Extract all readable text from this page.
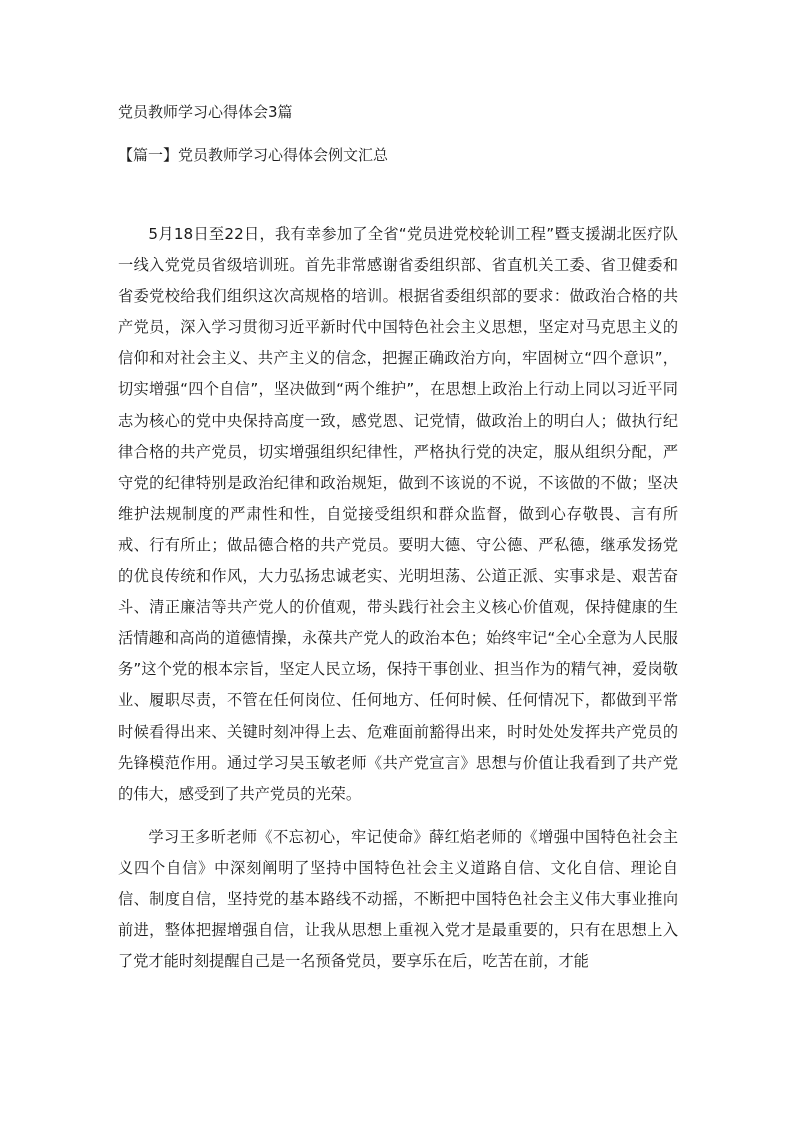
党员教师学习心得体会3篇
【篇一】党员教师学习心得体会例文汇总

5月18日至22日，我有幸参加了全省“党员进党校轮训工程”暨支援湖北医疗队一线入党党员省级培训班。首先非常感谢省委组织部、省直机关工委、省卫健委和省委党校给我们组织这次高规格的培训。根据省委组织部的要求：做政治合格的共产党员，深入学习贯彻习近平新时代中国特色社会主义思想，坚定对马克思主义的信仰和对社会主义、共产主义的信念，把握正确政治方向，牢固树立“四个意识”，切实增强“四个自信”，坚决做到“两个维护”，在思想上政治上行动上同以习近平同志为核心的党中央保持高度一致，感党恩、记党情，做政治上的明白人；做执行纪律合格的共产党员，切实增强组织纪律性，严格执行党的决定，服从组织分配，严守党的纪律特别是政治纪律和政治规矩，做到不该说的不说，不该做的不做；坚决维护法规制度的严肃性和性，自觉接受组织和群众监督，做到心存敬畏、言有所戒、行有所止；做品德合格的共产党员。要明大德、守公德、严私德，继承发扬党的优良传统和作风，大力弘扬忠诚老实、光明坦荡、公道正派、实事求是、艰苦奋斗、清正廉洁等共产党人的价值观，带头践行社会主义核心价值观，保持健康的生活情趣和高尚的道德情操，永葆共产党人的政治本色；始终牢记“全心全意为人民服务”这个党的根本宗旨，坚定人民立场，保持干事创业、担当作为的精气神，爱岗敬业、履职尽责，不管在任何岗位、任何地方、任何时候、任何情况下，都做到平常时候看得出来、关键时刻冲得上去、危难面前豁得出来，时时处处发挥共产党员的先锋模范作用。通过学习吴玉敏老师《共产党宣言》思想与价值让我看到了共产党的伟大，感受到了共产党员的光荣。

学习王多昕老师《不忘初心，牢记使命》薛红焰老师的《增强中国特色社会主义四个自信》中深刻阐明了坚持中国特色社会主义道路自信、文化自信、理论自信、制度自信，坚持党的基本路线不动摇，不断把中国特色社会主义伟大事业推向前进，整体把握增强自信，让我从思想上重视入党才是最重要的，只有在思想上入了党才能时刻提醒自己是一名预备党员，要享乐在后，吃苦在前，才能
